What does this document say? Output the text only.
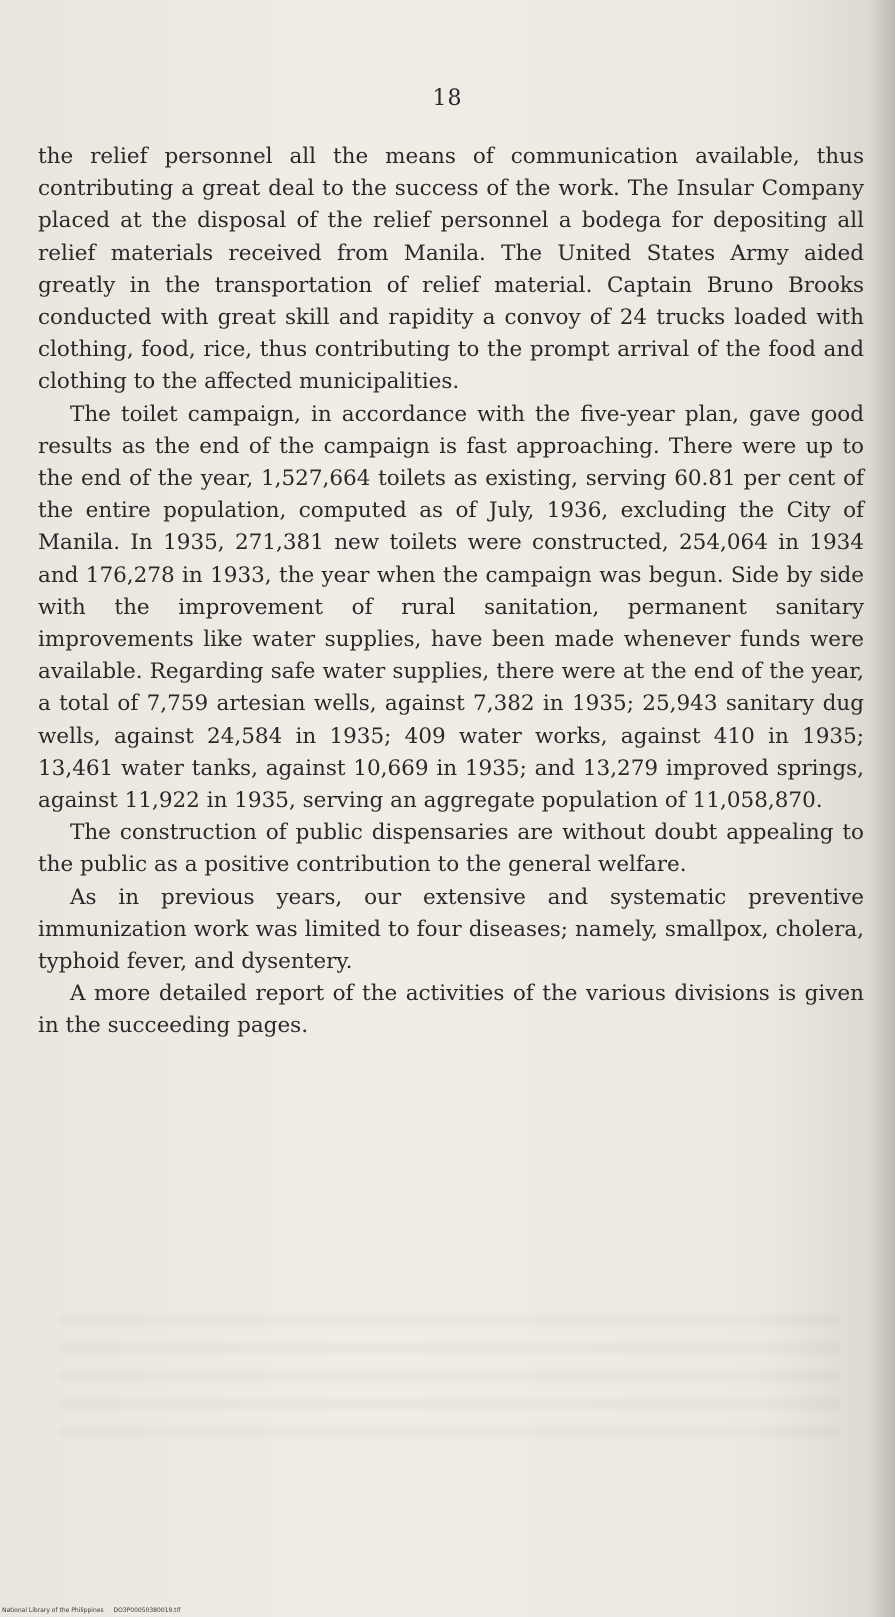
18

the relief personnel all the means of communication available, thus contributing a great deal to the success of the work. The Insular Company placed at the disposal of the relief personnel a bodega for depositing all relief materials received from Manila. The United States Army aided greatly in the transportation of relief material. Captain Bruno Brooks conducted with great skill and rapidity a convoy of 24 trucks loaded with clothing, food, rice, thus contributing to the prompt arrival of the food and clothing to the affected municipalities.

The toilet campaign, in accordance with the five-year plan, gave good results as the end of the campaign is fast approaching. There were up to the end of the year, 1,527,664 toilets as existing, serving 60.81 per cent of the entire population, computed as of July, 1936, excluding the City of Manila. In 1935, 271,381 new toilets were constructed, 254,064 in 1934 and 176,278 in 1933, the year when the campaign was begun. Side by side with the improvement of rural sanitation, permanent sanitary improvements like water supplies, have been made whenever funds were available. Regarding safe water supplies, there were at the end of the year, a total of 7,759 artesian wells, against 7,382 in 1935; 25,943 sanitary dug wells, against 24,584 in 1935; 409 water works, against 410 in 1935; 13,461 water tanks, against 10,669 in 1935; and 13,279 improved springs, against 11,922 in 1935, serving an aggregate population of 11,058,870.

The construction of public dispensaries are without doubt appealing to the public as a positive contribution to the general welfare.

As in previous years, our extensive and systematic preventive immunization work was limited to four diseases; namely, smallpox, cholera, typhoid fever, and dysentery.

A more detailed report of the activities of the various divisions is given in the succeeding pages.

National Library of the Philippines DO3P00050380019.tif
